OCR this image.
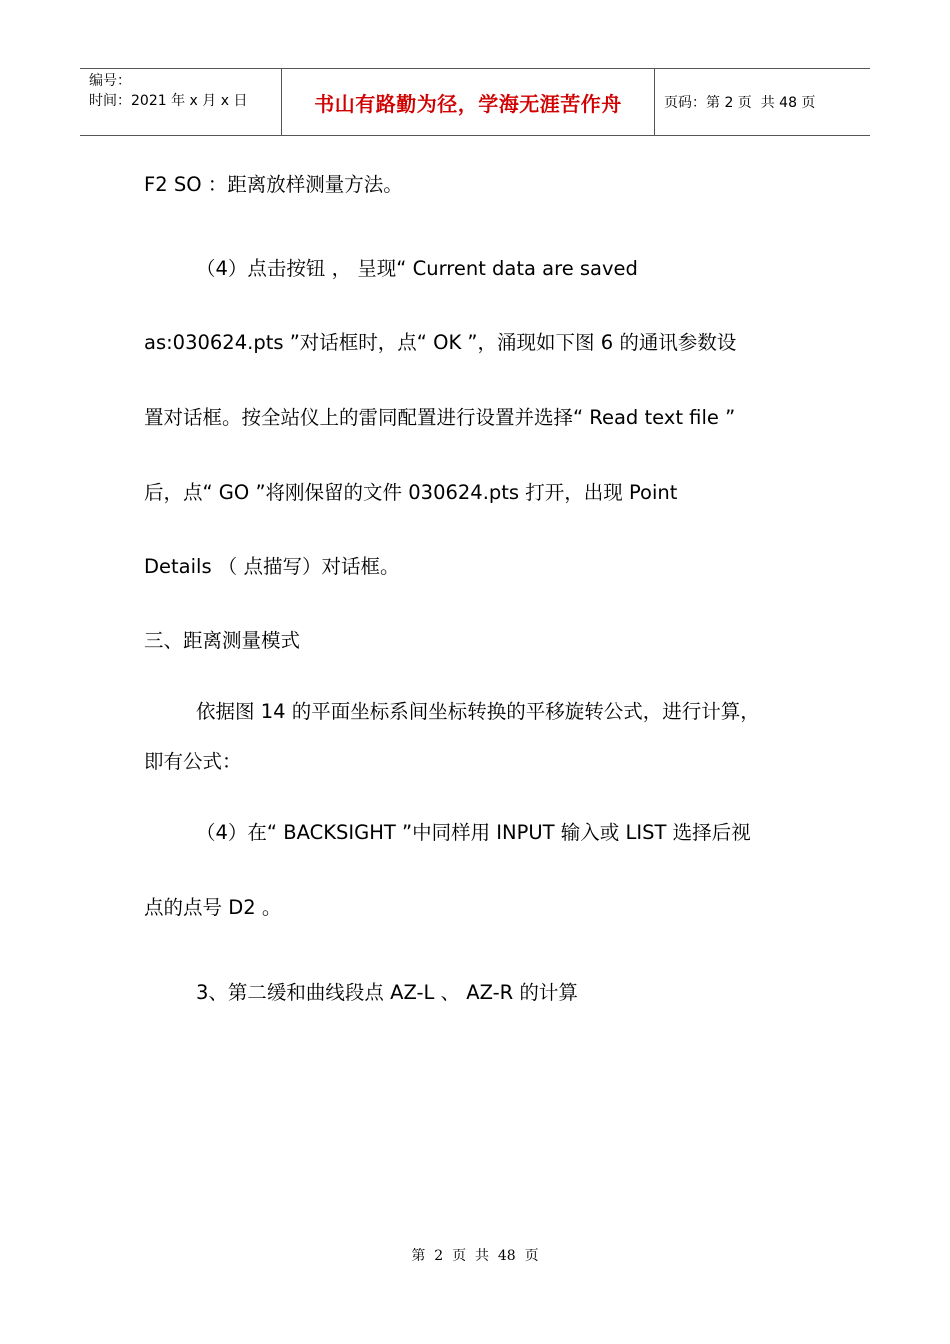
编号：
时间：2021 年 x 月 x 日	书山有路勤为径，学海无涯苦作舟	页码：第 2 页  共 48 页
F2 SO ：距离放样测量方法。
（4）点击按钮 ， 呈现“ Current data are saved
as:030624.pts ”对话框时，点“ OK ”，涌现如下图 6 的通讯参数设
置对话框。按全站仪上的雷同配置进行设置并选择“ Read text file ”
后，点“ GO ”将刚保留的文件 030624.pts 打开，出现 Point
Details （ 点描写）对话框。
三、距离测量模式
依据图 14 的平面坐标系间坐标转换的平移旋转公式，进行计算，
即有公式：
（4）在“ BACKSIGHT ”中同样用 INPUT 输入或 LIST 选择后视
点的点号 D2 。
3、第二缓和曲线段点 AZ-L 、 AZ-R 的计算
第  2  页  共  48  页
